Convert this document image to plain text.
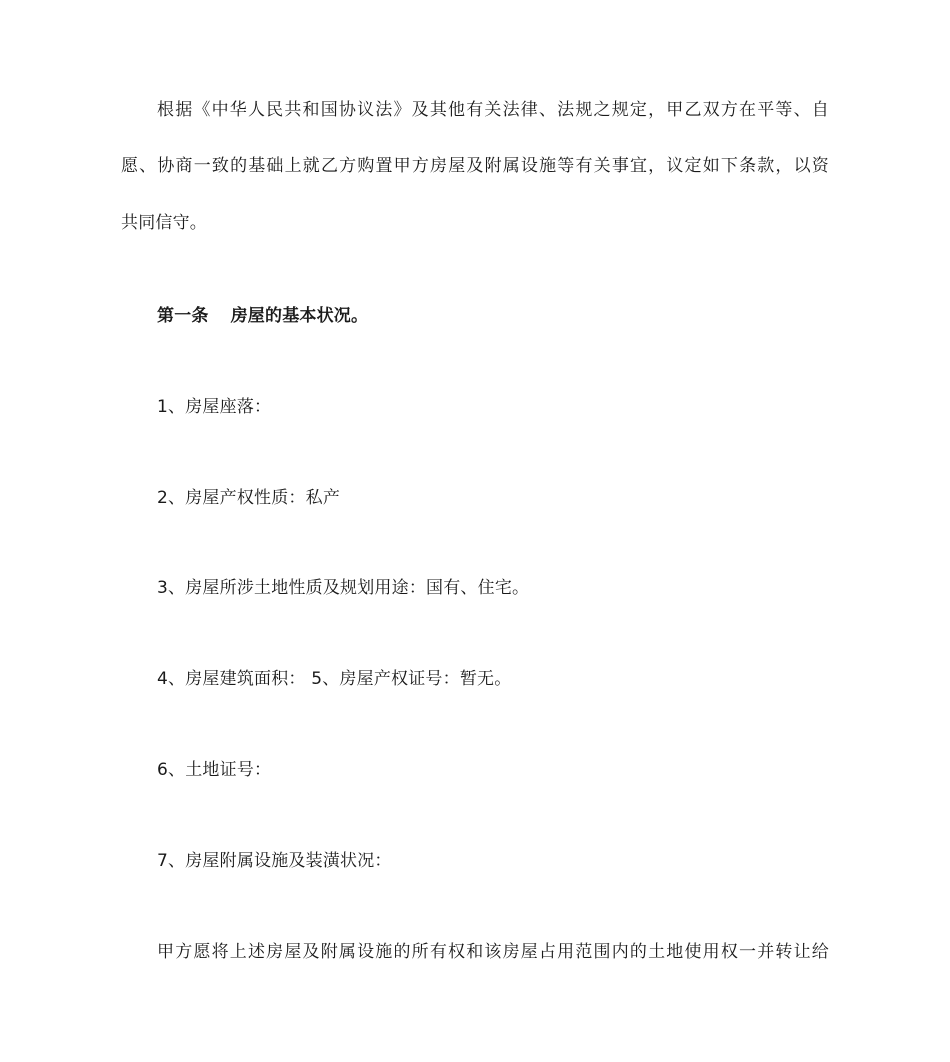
根据《中华人民共和国协议法》及其他有关法律、法规之规定，甲乙双方在平等、自
愿、协商一致的基础上就乙方购置甲方房屋及附属设施等有关事宜，议定如下条款，以资
共同信守。
第一条 房屋的基本状况。
1、房屋座落：
2、房屋产权性质：私产
3、房屋所涉土地性质及规划用途：国有、住宅。
4、房屋建筑面积： 5、房屋产权证号：暂无。
6、土地证号：
7、房屋附属设施及装潢状况：
甲方愿将上述房屋及附属设施的所有权和该房屋占用范围内的土地使用权一并转让给
